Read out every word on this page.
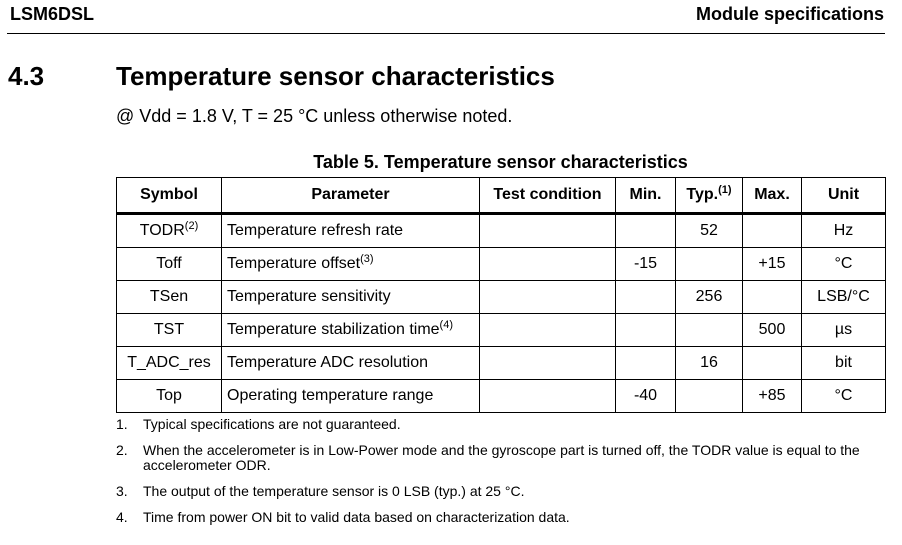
LSM6DSL	Module specifications
4.3	Temperature sensor characteristics
@ Vdd = 1.8 V, T = 25 °C unless otherwise noted.
Table 5. Temperature sensor characteristics
Symbol	Parameter	Test condition	Min.	Typ.$^{(1)}$	Max.	Unit
TODR$^{(2)}$	Temperature refresh rate			52		Hz
Toff	Temperature offset$^{(3)}$		-15		+15	°C
TSen	Temperature sensitivity			256		LSB/°C
TST	Temperature stabilization time$^{(4)}$				500	µs
T_ADC_res	Temperature ADC resolution			16		bit
Top	Operating temperature range		-40		+85	°C
1.	Typical specifications are not guaranteed.
2.	When the accelerometer is in Low-Power mode and the gyroscope part is turned off, the TODR value is equal to the accelerometer ODR.
3.	The output of the temperature sensor is 0 LSB (typ.) at 25 °C.
4.	Time from power ON bit to valid data based on characterization data.
